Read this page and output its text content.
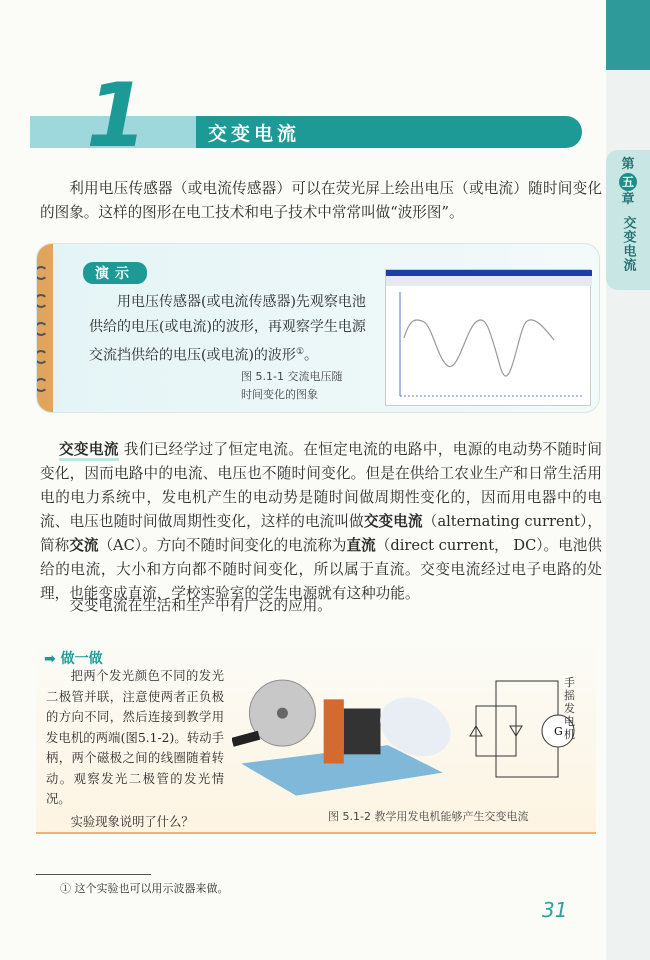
第
五
章
交变电流
1	交变电流

利用电压传感器（或电流传感器）可以在荧光屏上绘出电压（或电流）随时间变化的图象。这样的图形在电工技术和电子技术中常常叫做“波形图”。

演示

用电压传感器(或电流传感器)先观察电池供给的电压(或电流)的波形，再观察学生电源交流挡供给的电压(或电流)的波形①。

图 5.1-1 交流电压随
时间变化的图象

交变电流 我们已经学过了恒定电流。在恒定电流的电路中，电源的电动势不随时间变化，因而电路中的电流、电压也不随时间变化。但是在供给工农业生产和日常生活用电的电力系统中，发电机产生的电动势是随时间做周期性变化的，因而用电器中的电流、电压也随时间做周期性变化，这样的电流叫做交变电流（alternating current），简称交流（AC）。方向不随时间变化的电流称为直流（direct current， DC）。电池供给的电流，大小和方向都不随时间变化，所以属于直流。交变电流经过电子电路的处理，也能变成直流，学校实验室的学生电源就有这种功能。

交变电流在生活和生产中有广泛的应用。

➡ 做一做

把两个发光颜色不同的发光二极管并联，注意使两者正负极的方向不同，然后连接到教学用发电机的两端(图5.1-2)。转动手柄，两个磁极之间的线圈随着转动。观察发光二极管的发光情况。

实验现象说明了什么？

G
手摇发电机
图 5.1-2 教学用发电机能够产生交变电流
① 这个实验也可以用示波器来做。
31
